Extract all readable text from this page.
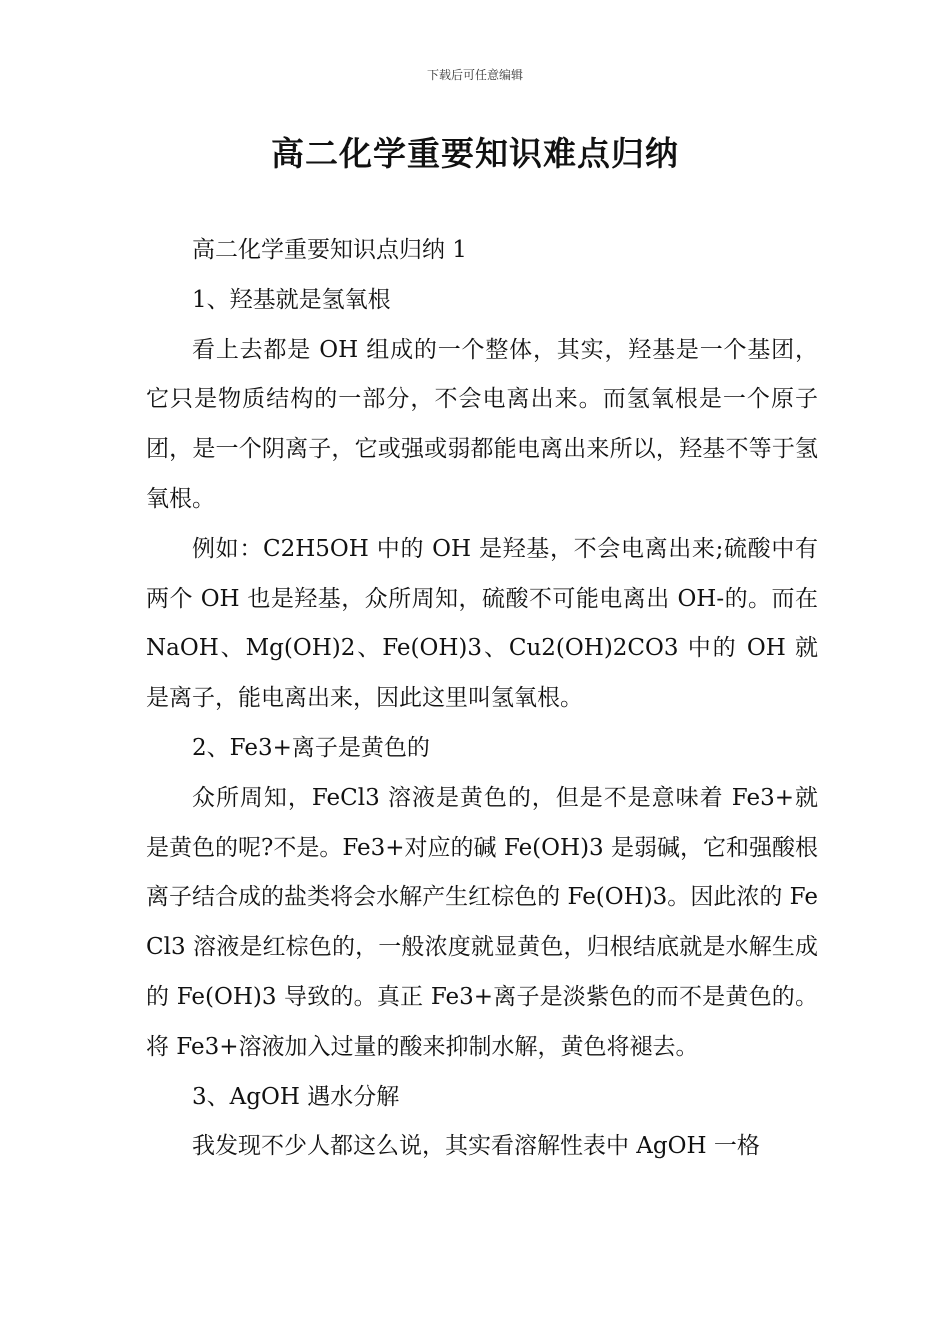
下载后可任意编辑
高二化学重要知识难点归纳

高二化学重要知识点归纳 1

1、羟基就是氢氧根

看上去都是 OH 组成的一个整体，其实，羟基是一个基团，它只是物质结构的一部分，不会电离出来。而氢氧根是一个原子团，是一个阴离子，它或强或弱都能电离出来所以，羟基不等于氢氧根。

例如：C2H5OH 中的 OH 是羟基，不会电离出来;硫酸中有两个 OH 也是羟基，众所周知，硫酸不可能电离出 OH-的。而在 NaOH、Mg(OH)2、Fe(OH)3、Cu2(OH)2CO3 中的 OH 就是离子，能电离出来，因此这里叫氢氧根。

2、Fe3+离子是黄色的

众所周知，FeCl3 溶液是黄色的，但是不是意味着 Fe3+就是黄色的呢?不是。Fe3+对应的碱 Fe(OH)3 是弱碱，它和强酸根离子结合成的盐类将会水解产生红棕色的 Fe(OH)3。因此浓的 FeCl3 溶液是红棕色的，一般浓度就显黄色，归根结底就是水解生成的 Fe(OH)3 导致的。真正 Fe3+离子是淡紫色的而不是黄色的。将 Fe3+溶液加入过量的酸来抑制水解，黄色将褪去。

3、AgOH 遇水分解

我发现不少人都这么说，其实看溶解性表中 AgOH 一格
